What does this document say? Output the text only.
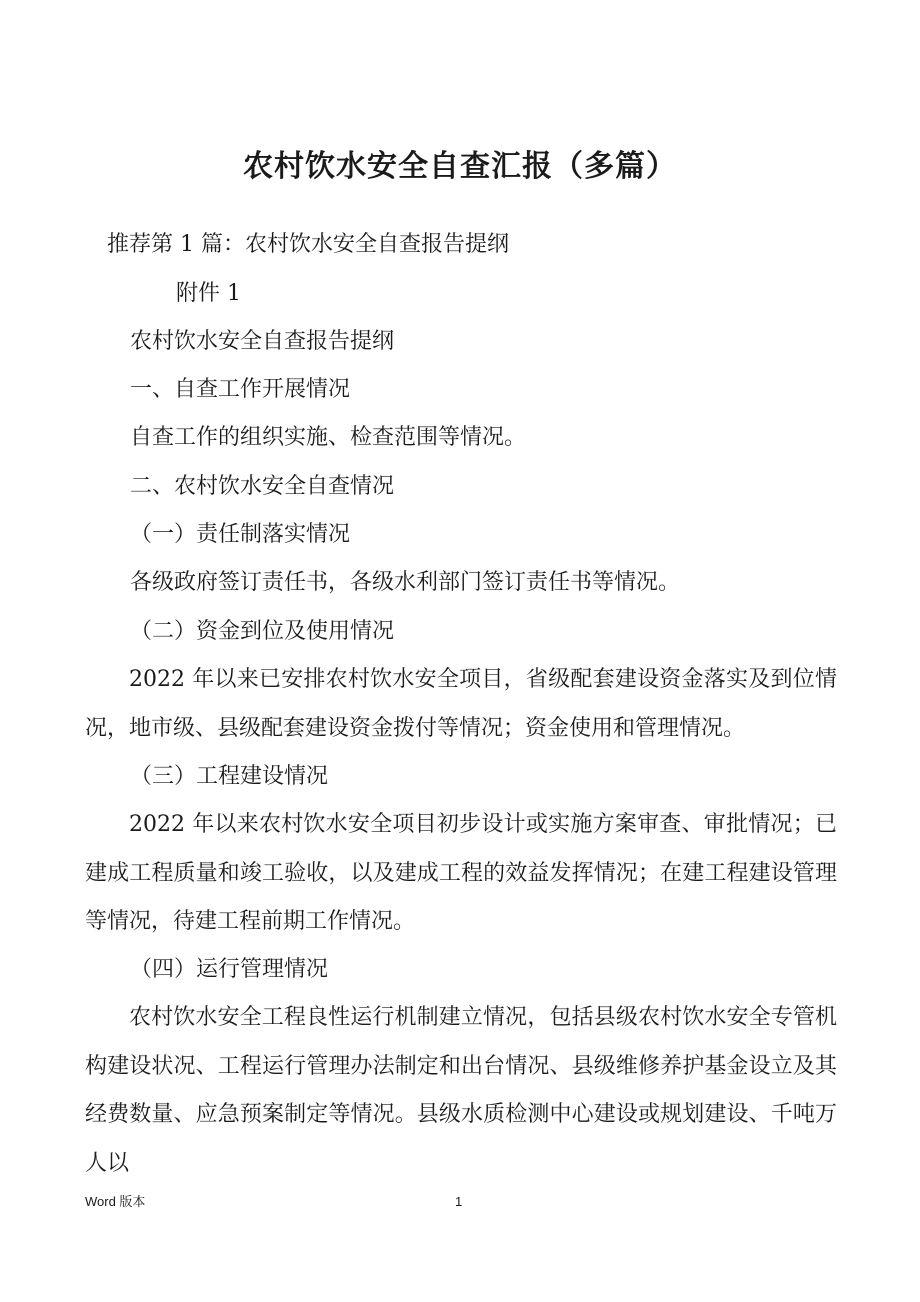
农村饮水安全自查汇报（多篇）
推荐第 1 篇：农村饮水安全自查报告提纲
附件 1
农村饮水安全自查报告提纲
一、自查工作开展情况
自查工作的组织实施、检查范围等情况。
二、农村饮水安全自查情况
（一）责任制落实情况
各级政府签订责任书，各级水利部门签订责任书等情况。
（二）资金到位及使用情况
2022 年以来已安排农村饮水安全项目，省级配套建设资金落实及到位情况，地市级、县级配套建设资金拨付等情况；资金使用和管理情况。
（三）工程建设情况
2022 年以来农村饮水安全项目初步设计或实施方案审查、审批情况；已建成工程质量和竣工验收，以及建成工程的效益发挥情况；在建工程建设管理等情况，待建工程前期工作情况。
（四）运行管理情况
农村饮水安全工程良性运行机制建立情况，包括县级农村饮水安全专管机构建设状况、工程运行管理办法制定和出台情况、县级维修养护基金设立及其经费数量、应急预案制定等情况。县级水质检测中心建设或规划建设、千吨万人以
Word 版本	1
